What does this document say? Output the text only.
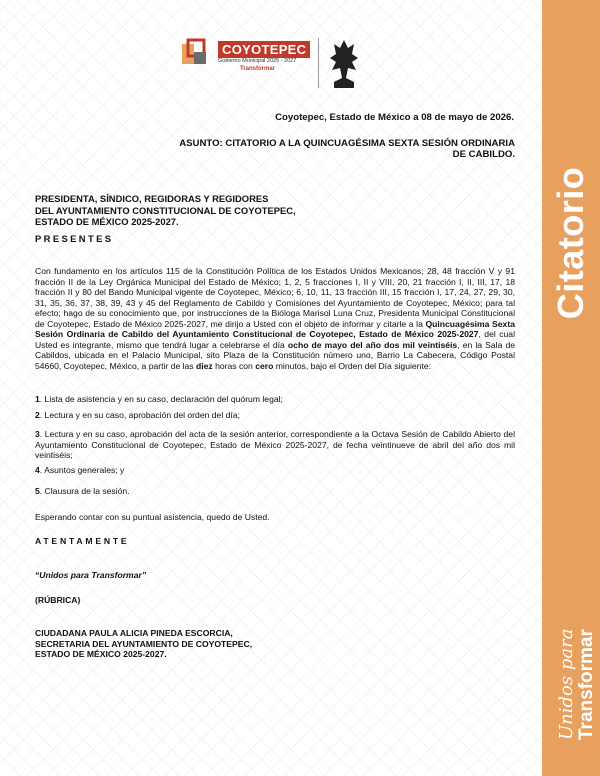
COYOTEPEC
Gobierno Municipal 2025 - 2027
Transformar
Citatorio
Unidos para Transformar
Coyotepec, Estado de México a 08 de mayo de 2026.
ASUNTO: CITATORIO A LA QUINCUAGÉSIMA SEXTA SESIÓN ORDINARIA DE CABILDO.
PRESIDENTA, SÍNDICO, REGIDORAS Y REGIDORES
DEL AYUNTAMIENTO CONSTITUCIONAL DE COYOTEPEC,
ESTADO DE MÉXICO 2025-2027.
PRESENTES
Con fundamento en los artículos 115 de la Constitución Política de los Estados Unidos Mexicanos; 28, 48 fracción V y 91 fracción II de la Ley Orgánica Municipal del Estado de México; 1, 2, 5 fracciones I, II y VIII, 20, 21 fracción I, II, III, 17, 18 fracción II y 80 del Bando Municipal vigente de Coyotepec, México; 6, 10, 11, 13 fracción III, 15 fracción I, 17, 24, 27, 29, 30, 31, 35, 36, 37, 38, 39, 43 y 45 del Reglamento de Cabildo y Comisiones del Ayuntamiento de Coyotepec, México; para tal efecto; hago de su conocimiento que, por instrucciones de la Bióloga Marisol Luna Cruz, Presidenta Municipal Constitucional de Coyotepec, Estado de México 2025-2027, me dirijo a Usted con el objeto de informar y citarle a la Quincuagésima Sexta Sesión Ordinaria de Cabildo del Ayuntamiento Constitucional de Coyotepec, Estado de México 2025-2027, del cual Usted es integrante, mismo que tendrá lugar a celebrarse el día ocho de mayo del año dos mil veintiséis, en la Sala de Cabildos, ubicada en el Palacio Municipal, sito Plaza de la Constitución número uno, Barrio La Cabecera, Código Postal 54660, Coyotepec, México, a partir de las diez horas con cero minutos, bajo el Orden del Día siguiente:
1. Lista de asistencia y en su caso, declaración del quórum legal;
2. Lectura y en su caso, aprobación del orden del día;
3. Lectura y en su caso, aprobación del acta de la sesión anterior, correspondiente a la Octava Sesión de Cabildo Abierto del Ayuntamiento Constitucional de Coyotepec, Estado de México 2025-2027, de fecha veintinueve de abril del año dos mil veintiséis;
4. Asuntos generales; y
5. Clausura de la sesión.
Esperando contar con su puntual asistencia, quedo de Usted.
ATENTAMENTE
“Unidos para Transformar”
(RÚBRICA)
CIUDADANA PAULA ALICIA PINEDA ESCORCIA,
SECRETARIA DEL AYUNTAMIENTO DE COYOTEPEC,
ESTADO DE MÉXICO 2025-2027.
